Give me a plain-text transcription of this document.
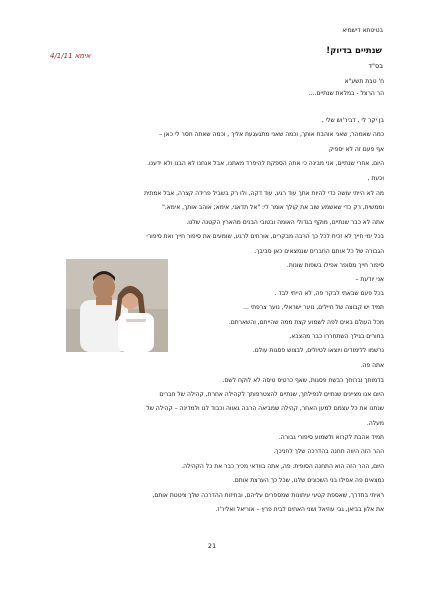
בטיטתא דישמיא
שנתיים בדיוק!
אימא 4/1/11
בס"ד
ח' טבת תשע"א
הר הרצל - במלאת שנתיים....
בן יקר לי , דביר'וש שלי ,
כמה שאמהר, שאני אוהבת אותך, וכמה שאני מתגעגעת אליך , וכמה שאתה חסר לי כאן –
אף פעם זה לא יספיק
היום, אחרי שנתיים, אני מבינה כי אתה הספקת להיפרד מאתנו, אבל אנחנו לא הבנו ולא ידענו.
וכעת ,
מה לא הייתי עושה כדי להיות אתך עוד רגע, עוד דקה, ולו רק בשביל פרידה קצרה, אבל אמתית
וממשית, רק כדי שאשמע שוב את קולך אומר לי: "אל תדאגי, אימא; אוהב אותך, אימא."
אתה לא כבר שנתיים, מוקף בגדולי האומה ובטובי הבנים מהארץ הקטנה שלנו.
בכל ימי חייך לא זכית לכל כך הרבה מבקרים, אורחים לרגע, שומעים את סיפור חייך ואת סיפורי
הגבורה של כל אותם החברים שנמצאים כאן סביבך.
סיפור חייך מסופר אפילו בשפות שונות.
אני יודעת –
בכל פעם שבאתי לבקר פה, לא הייתי לבד .
תמיד יש קבוצה של חיילים, נוער ישראלי, נוער צרפתי ...
מכל העולם באים לפה לשמוע קצת ממה שהייתם, והשארתם.
בחורים בגילך השתחררו כבר מהצבא,
נרשמו ללימודים ויוצאו לטיולים, לבצוש פסגות עולם.
אתה פה.
בדמותך וברוחך כבשת פסגות, שאף כרטיס טיסה לא לוקח לשם.
היום אנו מציינים שנתיים לנפילתך, שנתיים להצטרפותך לקהילה אחרת, קהילה של חברים
שנתנו את כל עצמם למען האחר, קהילה שמביאה הרבה גאווה וכבוד לנו ולמדינה – קהילה של
מעלה.
תמיד אהבת לקרוא ולשמוע סיפורי גבורה.
ההר הזה היווה תחנה בהדרכה שלך לחניכך.
היום, ההר הזה הוא התחנה הסופית. פה, אתה בוודאי מכיר כבר את כל הקהילה.
נמצאים פה אפילו בני השכונים שלנו, שכל כך הערצת אותם.
ראיתי בחדרך, שאספת קטעי עיתונות שמספרים עליהם, ובחיזות ההדרכה שלך ציטטת אותם,
את אלון בביאן, גבי עוזיאל ושני האחים לבית פרץ – אוריאל ואליר'ז.
21
